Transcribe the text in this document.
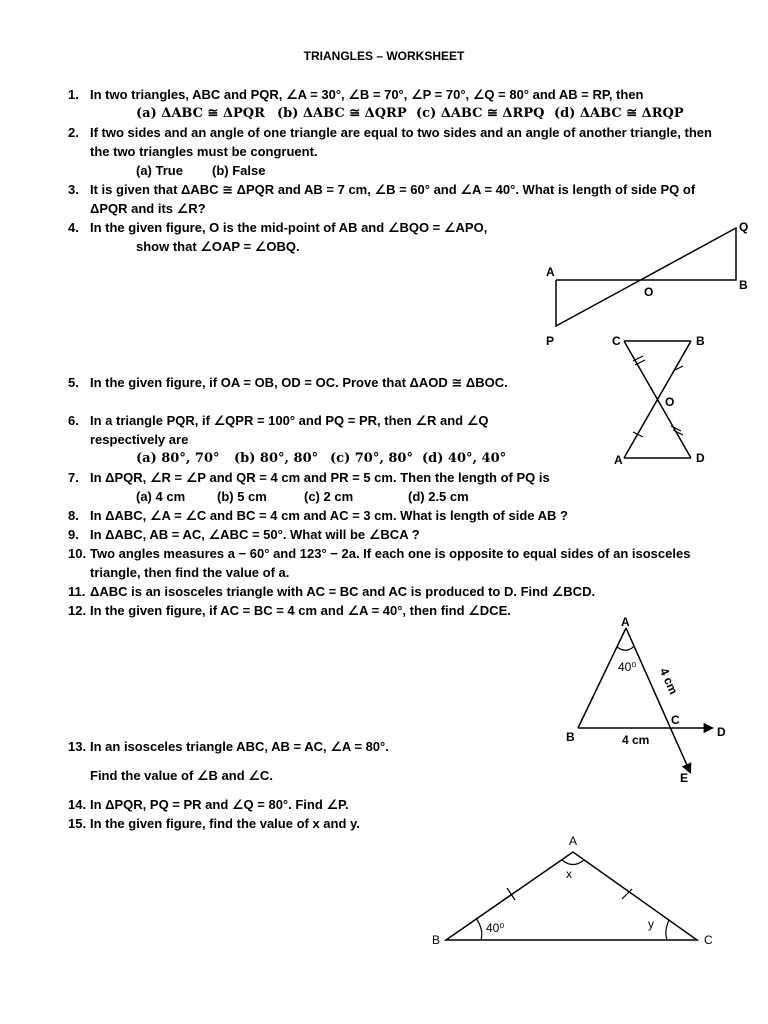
TRIANGLES – WORKSHEET
1. In two triangles, ABC and PQR, ∠A = 30°, ∠B = 70°, ∠P = 70°, ∠Q = 80° and AB = RP, then
(a) ΔABC ≅ ΔPQR (b) ΔABC ≅ ΔQRP (c) ΔABC ≅ ΔRPQ (d) ΔABC ≅ ΔRQP
2. If two sides and an angle of one triangle are equal to two sides and an angle of another triangle, then
the two triangles must be congruent.
(a) True (b) False
3. It is given that ΔABC ≅ ΔPQR and AB = 7 cm, ∠B = 60° and ∠A = 40°. What is length of side PQ of
ΔPQR and its ∠R?
4. In the given figure, O is the mid-point of AB and ∠BQO = ∠APO,
show that ∠OAP = ∠OBQ.
Q
A
O	B
P
5. In the given figure, if OA = OB, OD = OC. Prove that ΔAOD ≅ ΔBOC.
C	B
O
A	D
6. In a triangle PQR, if ∠QPR = 100° and PQ = PR, then ∠R and ∠Q
respectively are
(a) 80°, 70° (b) 80°, 80° (c) 70°, 80° (d) 40°, 40°
7. In ΔPQR, ∠R = ∠P and QR = 4 cm and PR = 5 cm. Then the length of PQ is
(a) 4 cm (b) 5 cm	(c) 2 cm	(d) 2.5 cm
8. In ΔABC, ∠A = ∠C and BC = 4 cm and AC = 3 cm. What is length of side AB ?
9. In ΔABC, AB = AC, ∠ABC = 50°. What will be ∠BCA ?
10. Two angles measures a − 60° and 123° − 2a. If each one is opposite to equal sides of an isosceles
triangle, then find the value of a.
11. ΔABC is an isosceles triangle with AC = BC and AC is produced to D. Find ∠BCD.
12. In the given figure, if AC = BC = 4 cm and ∠A = 40°, then find ∠DCE.
A
40⁰ 4 cm
C
D
B	4 cm
E
13. In an isosceles triangle ABC, AB = AC, ∠A = 80°.
Find the value of ∠B and ∠C.
14. In ΔPQR, PQ = PR and ∠Q = 80°. Find ∠P.
15. In the given figure, find the value of x and y.
A
x
y
40⁰
B	C
